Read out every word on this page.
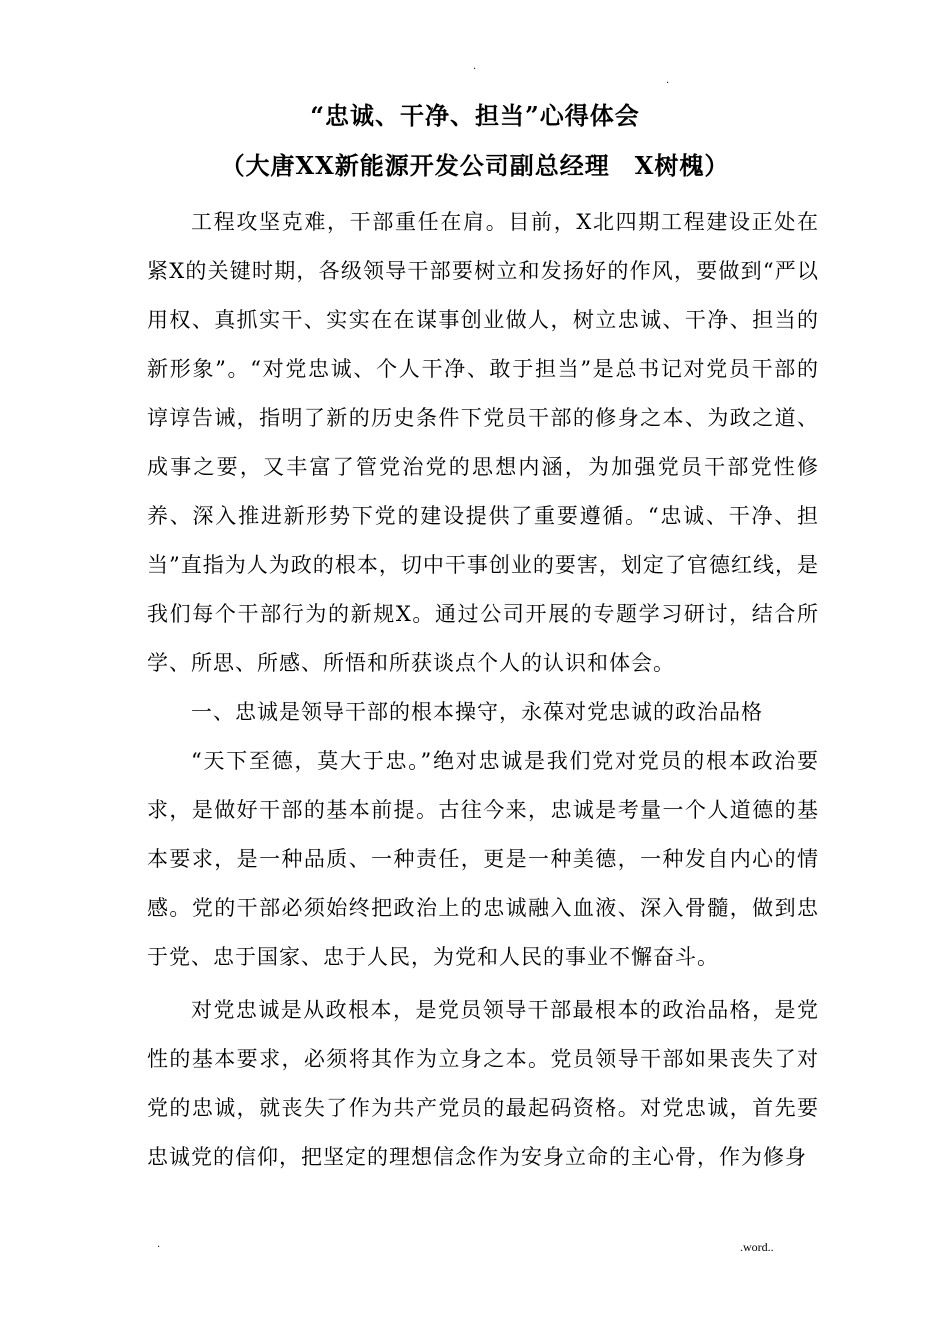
.
.
“忠诚、干净、担当”心得体会
（大唐XX新能源开发公司副总经理　X树槐）

工程攻坚克难，干部重任在肩。目前，X北四期工程建设正处在紧X的关键时期，各级领导干部要树立和发扬好的作风，要做到“严以用权、真抓实干、实实在在谋事创业做人，树立忠诚、干净、担当的新形象”。“对党忠诚、个人干净、敢于担当”是总书记对党员干部的谆谆告诫，指明了新的历史条件下党员干部的修身之本、为政之道、成事之要，又丰富了管党治党的思想内涵，为加强党员干部党性修养、深入推进新形势下党的建设提供了重要遵循。“忠诚、干净、担当”直指为人为政的根本，切中干事创业的要害，划定了官德红线，是我们每个干部行为的新规X。通过公司开展的专题学习研讨，结合所学、所思、所感、所悟和所获谈点个人的认识和体会。

一、忠诚是领导干部的根本操守，永葆对党忠诚的政治品格

“天下至德，莫大于忠。”绝对忠诚是我们党对党员的根本政治要求，是做好干部的基本前提。古往今来，忠诚是考量一个人道德的基本要求，是一种品质、一种责任，更是一种美德，一种发自内心的情感。党的干部必须始终把政治上的忠诚融入血液、深入骨髓，做到忠于党、忠于国家、忠于人民，为党和人民的事业不懈奋斗。

对党忠诚是从政根本，是党员领导干部最根本的政治品格，是党性的基本要求，必须将其作为立身之本。党员领导干部如果丧失了对党的忠诚，就丧失了作为共产党员的最起码资格。对党忠诚，首先要忠诚党的信仰，把坚定的理想信念作为安身立命的主心骨，作为修身

.	.word..
